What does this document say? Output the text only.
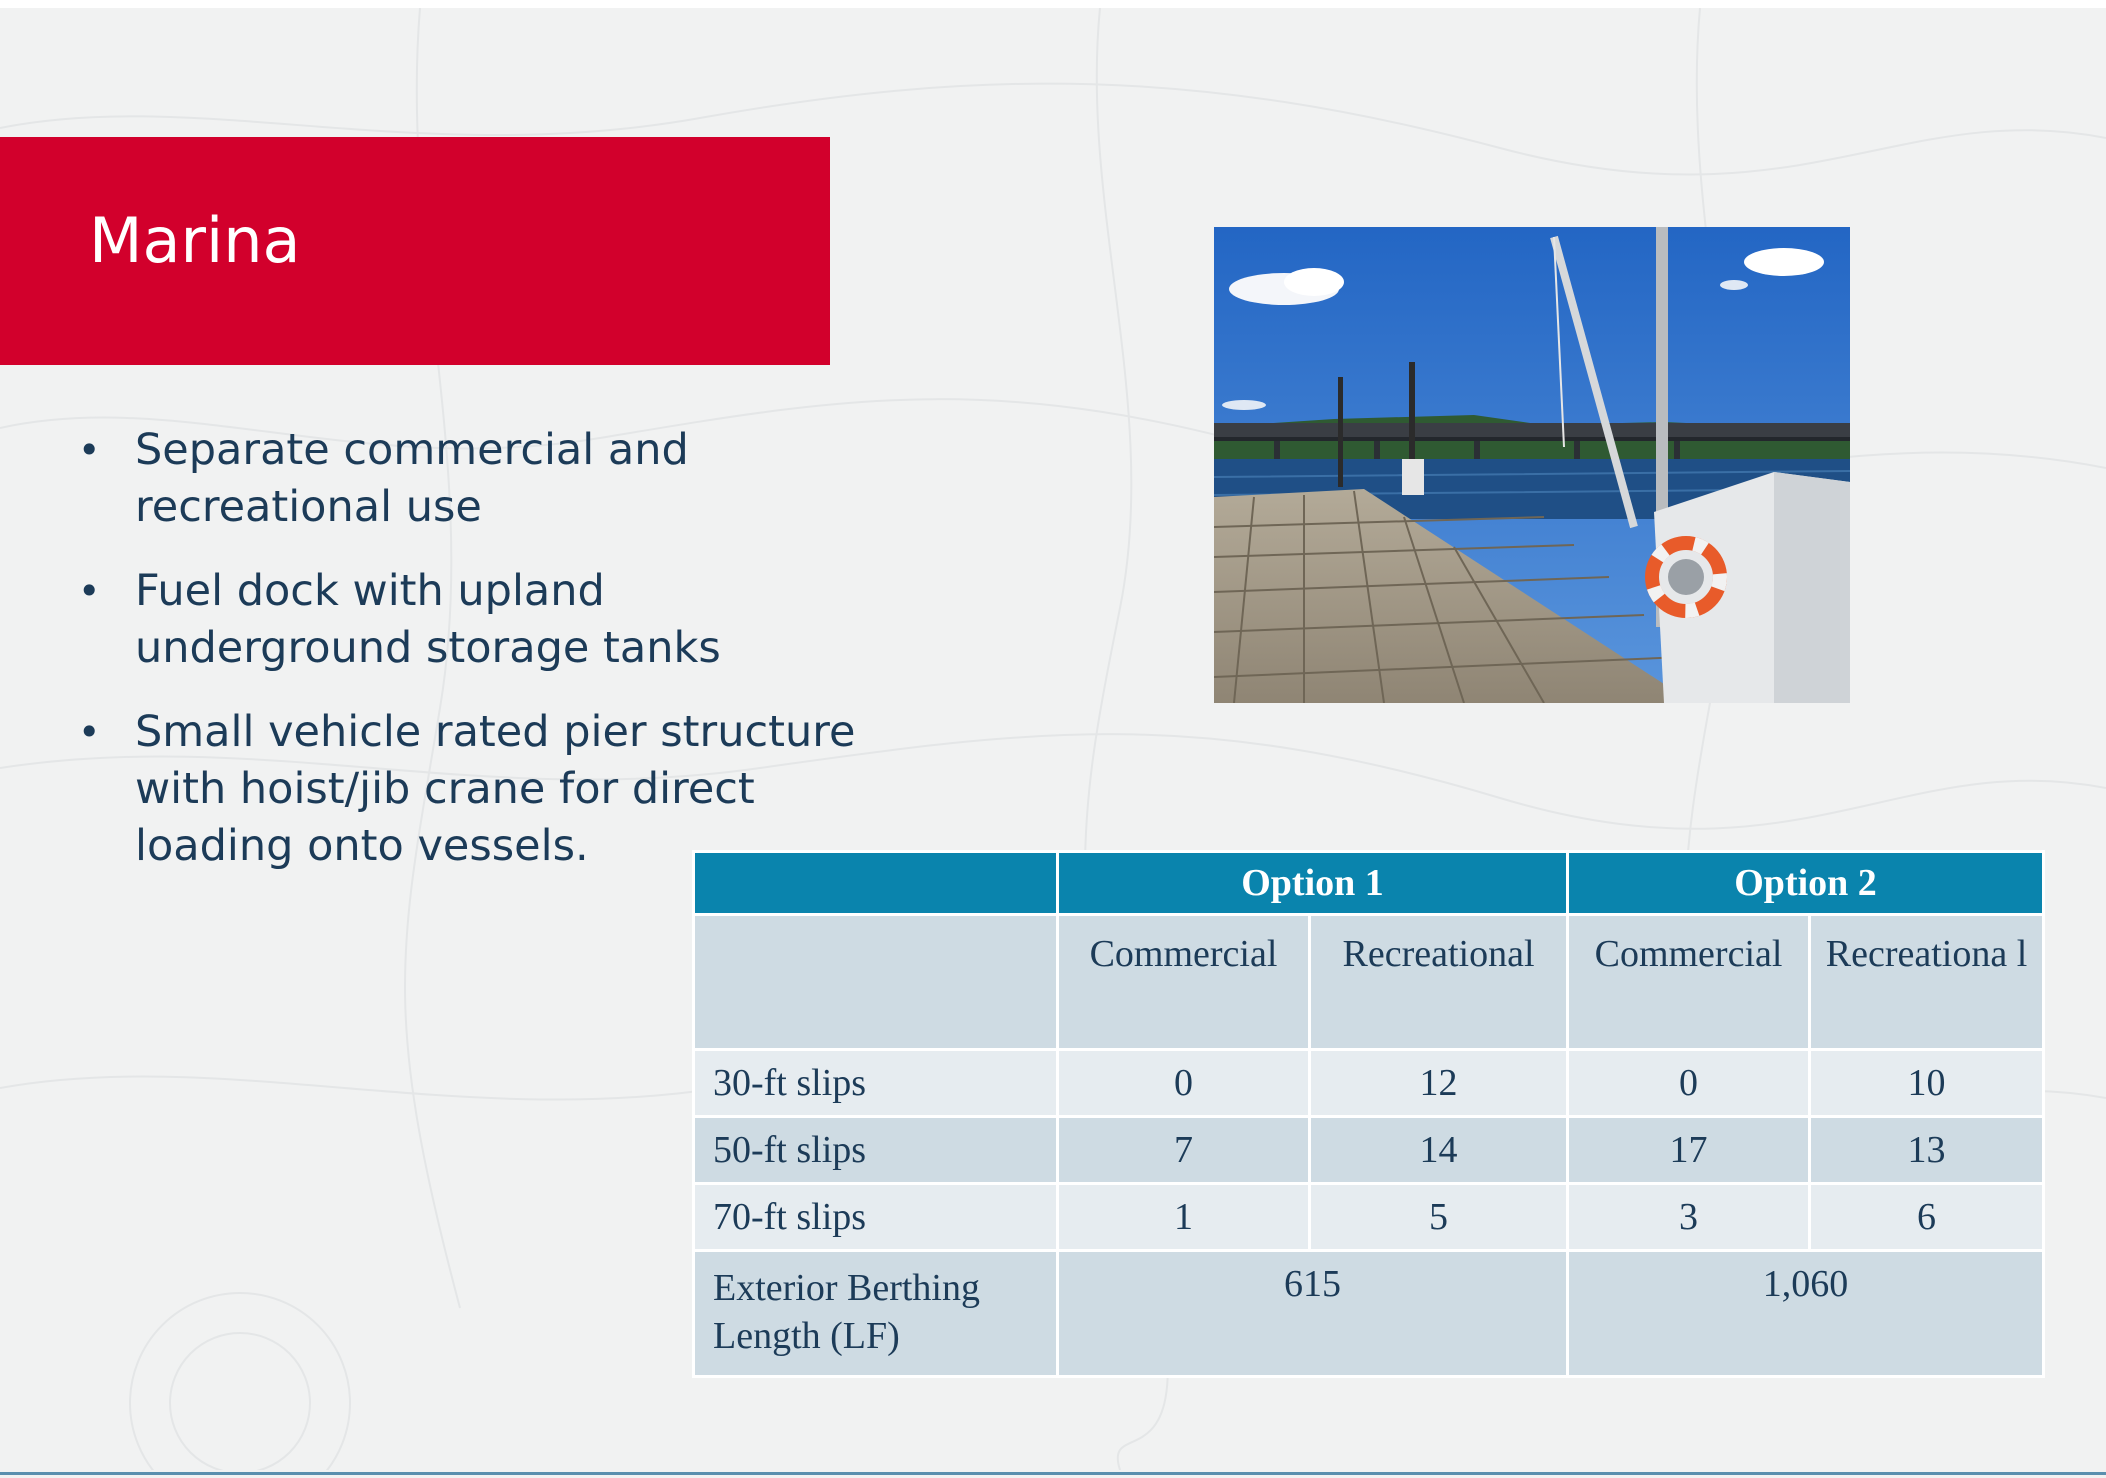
Marina
• Separate commercial and recreational use
• Fuel dock with upland underground storage tanks
• Small vehicle rated pier structure with hoist/jib crane for direct loading onto vessels.
	Option 1		Option 2	
	Commercial	Recreational	Commercial	Recreationa l
30-ft slips	0	12	0	10
50-ft slips	7	14	17	13
70-ft slips	1	5	3	6
Exterior Berthing Length (LF)	615		1,060	
